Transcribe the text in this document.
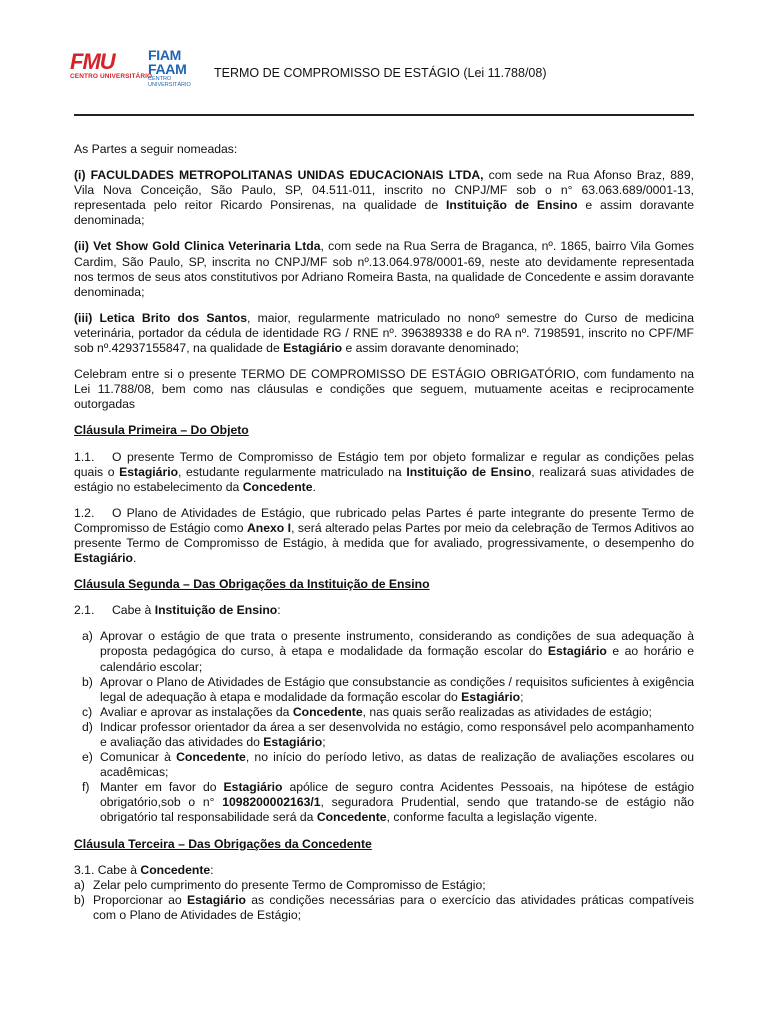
FMU
CENTRO UNIVERSITÁRIO
FIAM
FAAM
CENTRO UNIVERSITÁRIO
TERMO DE COMPROMISSO DE ESTÁGIO (Lei 11.788/08)

As Partes a seguir nomeadas:

(i) FACULDADES METROPOLITANAS UNIDAS EDUCACIONAIS LTDA, com sede na Rua Afonso Braz, 889, Vila Nova Conceição, São Paulo, SP, 04.511-011, inscrito no CNPJ/MF sob o n° 63.063.689/0001-13, representada pelo reitor Ricardo Ponsirenas, na qualidade de Instituição de Ensino e assim doravante denominada;

(ii) Vet Show Gold Clinica Veterinaria Ltda, com sede na Rua Serra de Braganca, nº. 1865, bairro Vila Gomes Cardim, São Paulo, SP, inscrita no CNPJ/MF sob nº.13.064.978/0001-69, neste ato devidamente representada nos termos de seus atos constitutivos por Adriano Romeira Basta, na qualidade de Concedente e assim doravante denominada;

(iii) Letica Brito dos Santos, maior, regularmente matriculado no nonoº semestre do Curso de medicina veterinária, portador da cédula de identidade RG / RNE nº. 396389338 e do RA nº. 7198591, inscrito no CPF/MF sob nº.42937155847, na qualidade de Estagiário e assim doravante denominado;

Celebram entre si o presente TERMO DE COMPROMISSO DE ESTÁGIO OBRIGATÓRIO, com fundamento na Lei 11.788/08, bem como nas cláusulas e condições que seguem, mutuamente aceitas e reciprocamente outorgadas

Cláusula Primeira – Do Objeto

1.1. O presente Termo de Compromisso de Estágio tem por objeto formalizar e regular as condições pelas quais o Estagiário, estudante regularmente matriculado na Instituição de Ensino, realizará suas atividades de estágio no estabelecimento da Concedente.

1.2. O Plano de Atividades de Estágio, que rubricado pelas Partes é parte integrante do presente Termo de Compromisso de Estágio como Anexo I, será alterado pelas Partes por meio da celebração de Termos Aditivos ao presente Termo de Compromisso de Estágio, à medida que for avaliado, progressivamente, o desempenho do Estagiário.

Cláusula Segunda – Das Obrigações da Instituição de Ensino

2.1. Cabe à Instituição de Ensino:

a) Aprovar o estágio de que trata o presente instrumento, considerando as condições de sua adequação à proposta pedagógica do curso, à etapa e modalidade da formação escolar do Estagiário e ao horário e calendário escolar;
b) Aprovar o Plano de Atividades de Estágio que consubstancie as condições / requisitos suficientes à exigência legal de adequação à etapa e modalidade da formação escolar do Estagiário;
c) Avaliar e aprovar as instalações da Concedente, nas quais serão realizadas as atividades de estágio;
d) Indicar professor orientador da área a ser desenvolvida no estágio, como responsável pelo acompanhamento e avaliação das atividades do Estagiário;
e) Comunicar à Concedente, no início do período letivo, as datas de realização de avaliações escolares ou acadêmicas;
f) Manter em favor do Estagiário apólice de seguro contra Acidentes Pessoais, na hipótese de estágio obrigatório,sob o n° 1098200002163/1, seguradora Prudential, sendo que tratando-se de estágio não obrigatório tal responsabilidade será da Concedente, conforme faculta a legislação vigente.

Cláusula Terceira – Das Obrigações da Concedente

3.1. Cabe à Concedente:

a) Zelar pelo cumprimento do presente Termo de Compromisso de Estágio;
b) Proporcionar ao Estagiário as condições necessárias para o exercício das atividades práticas compatíveis com o Plano de Atividades de Estágio;
